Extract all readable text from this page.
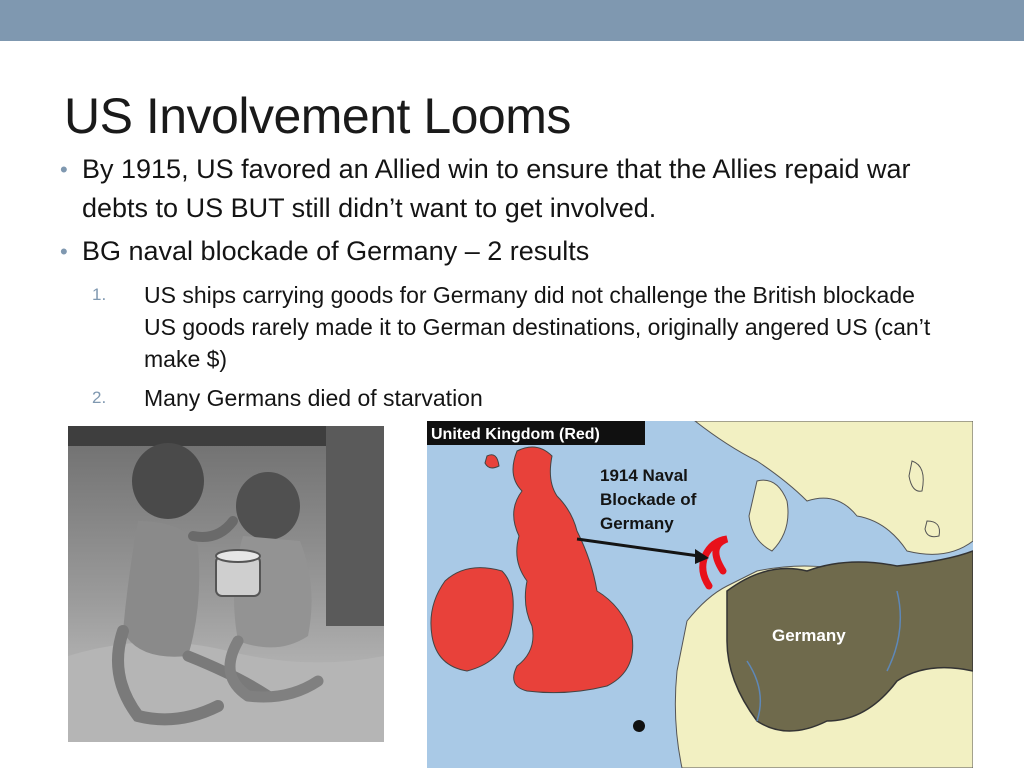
US Involvement Looms
• By 1915, US favored an Allied win to ensure that the Allies repaid war debts to US BUT still didn’t want to get involved.
• BG naval blockade of Germany – 2 results
1.	US ships carrying goods for Germany did not challenge the British blockade US goods rarely made it to German destinations, originally angered US (can’t make $)
2.	Many Germans died of starvation
United Kingdom (Red)
1914 Naval
Blockade of
Germany
Germany
